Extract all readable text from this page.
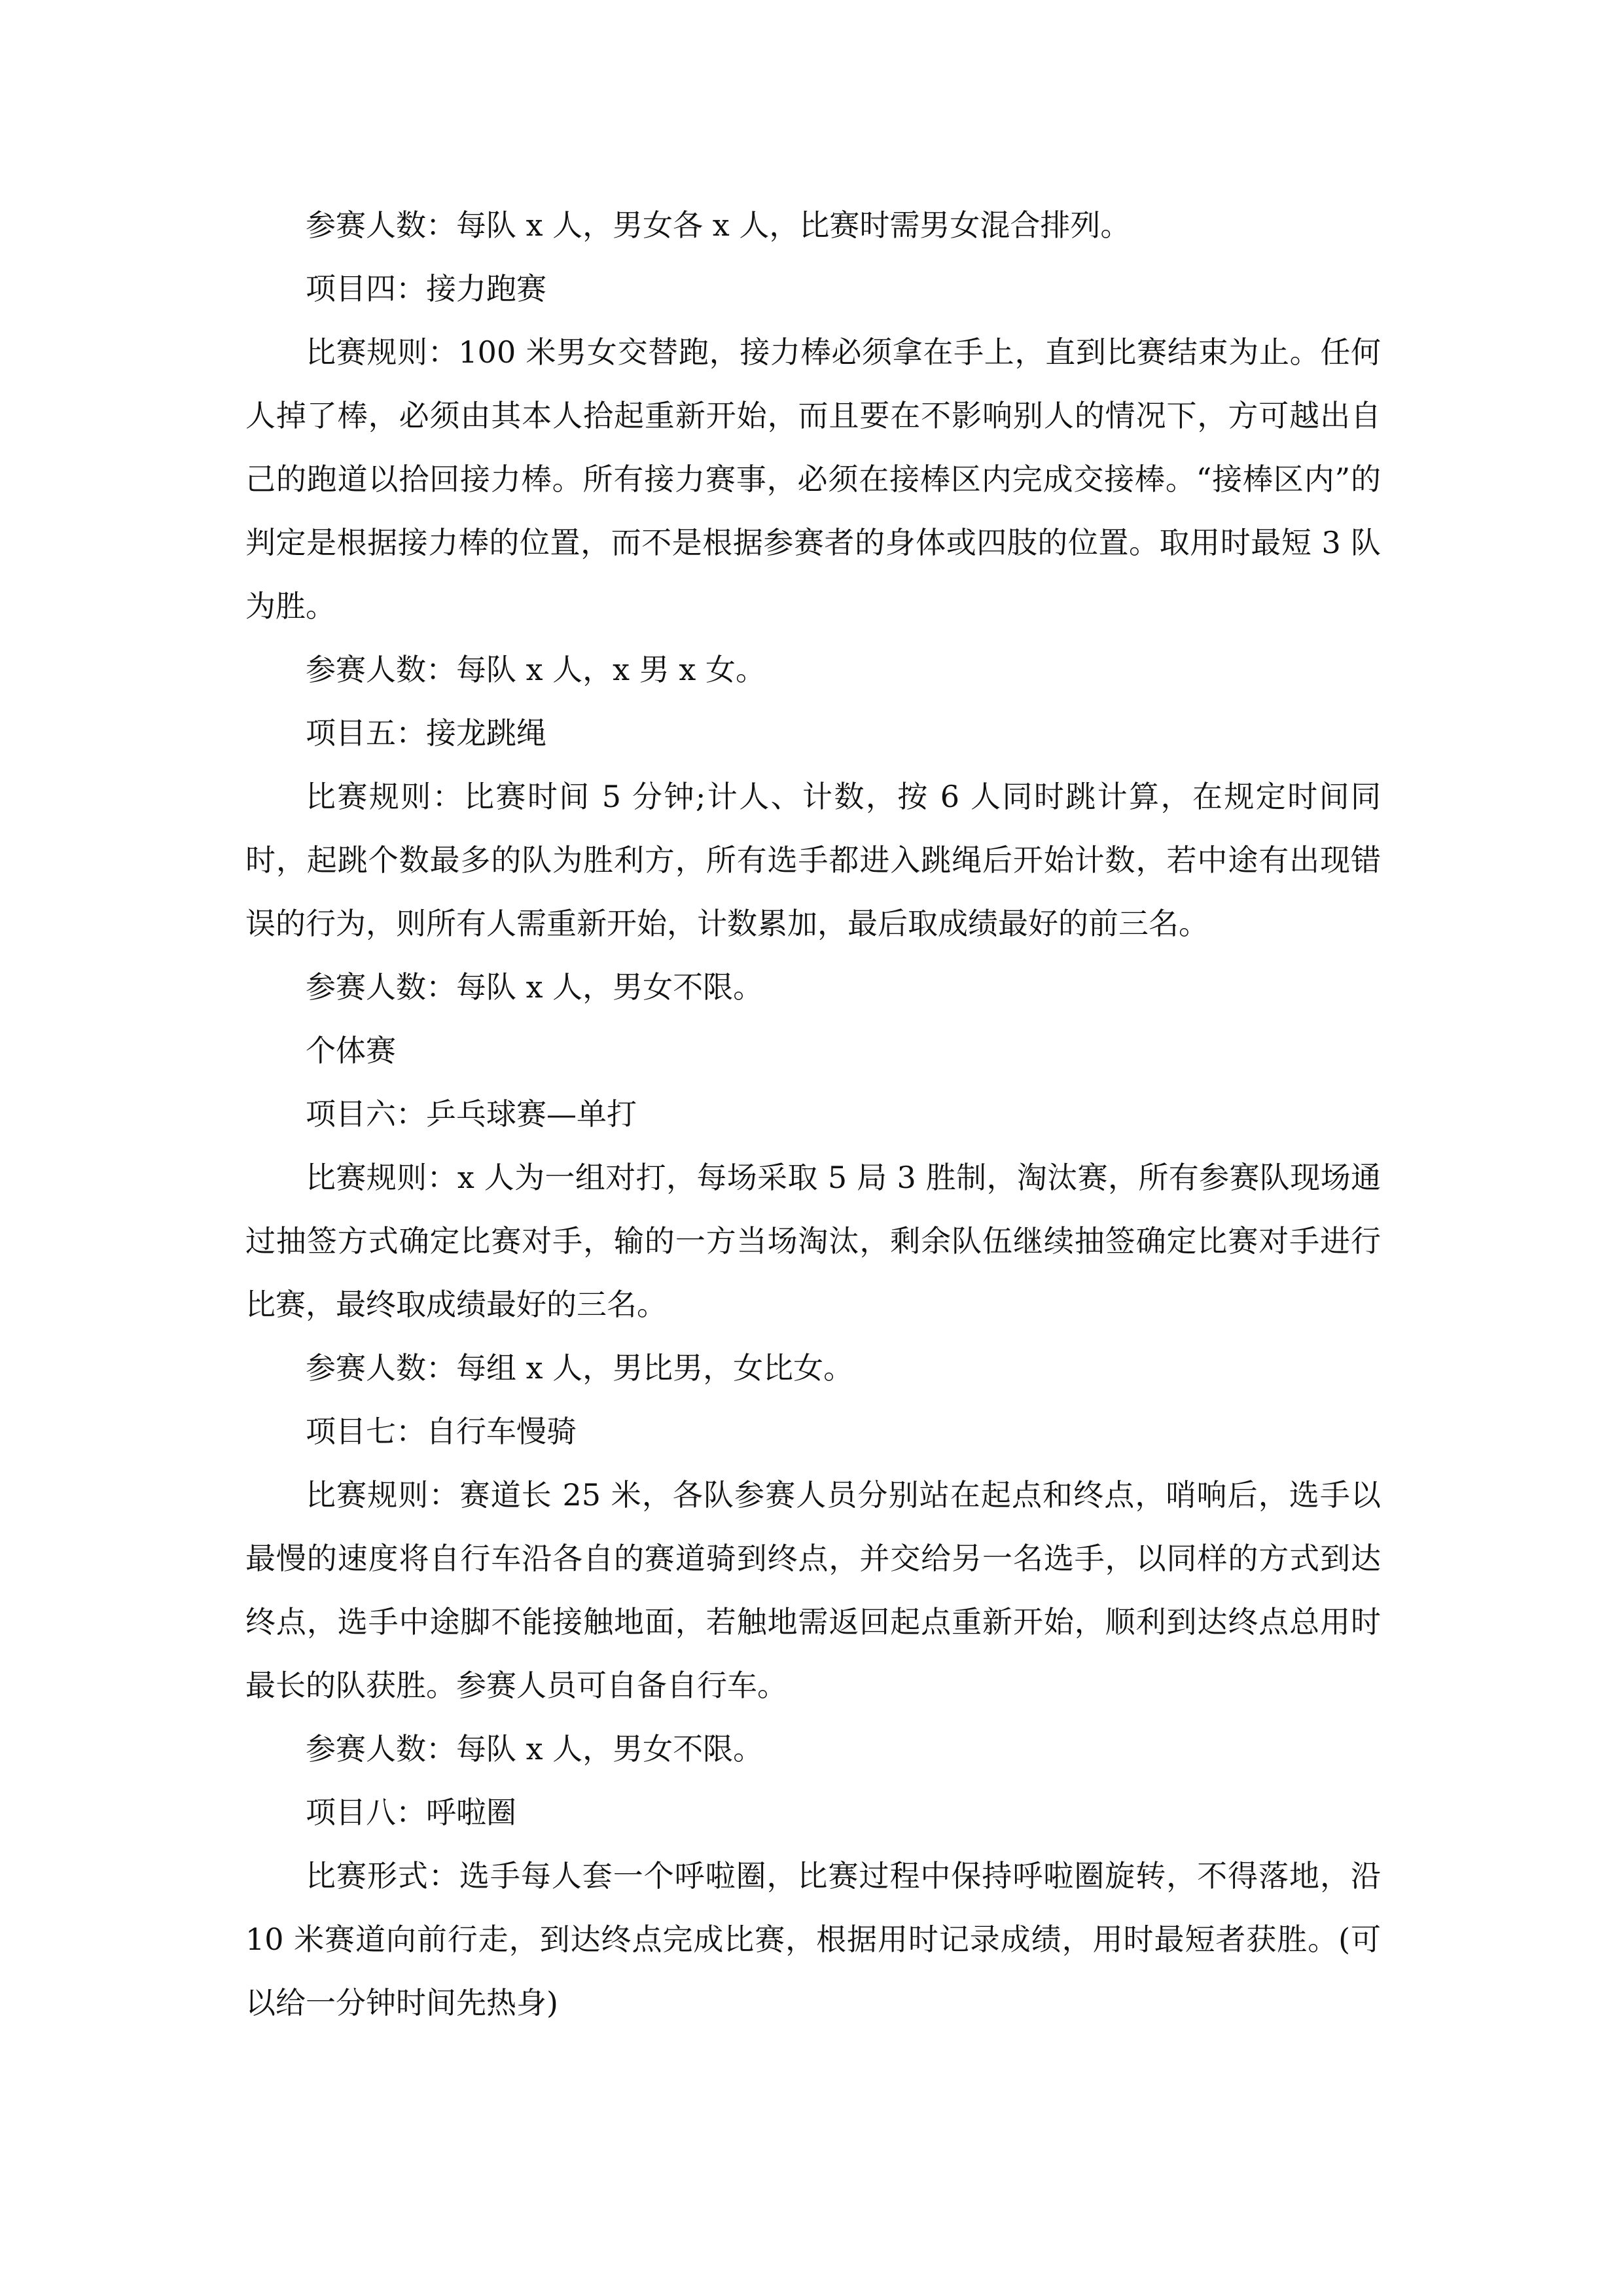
参赛人数：每队 x 人，男女各 x 人，比赛时需男女混合排列。

项目四：接力跑赛

比赛规则：100 米男女交替跑，接力棒必须拿在手上，直到比赛结束为止。任何人掉了棒，必须由其本人拾起重新开始，而且要在不影响别人的情况下，方可越出自己的跑道以拾回接力棒。所有接力赛事，必须在接棒区内完成交接棒。“接棒区内”的判定是根据接力棒的位置，而不是根据参赛者的身体或四肢的位置。取用时最短 3 队为胜。

参赛人数：每队 x 人，x 男 x 女。

项目五：接龙跳绳

比赛规则：比赛时间 5 分钟;计人、计数，按 6 人同时跳计算，在规定时间同时，起跳个数最多的队为胜利方，所有选手都进入跳绳后开始计数，若中途有出现错误的行为，则所有人需重新开始，计数累加，最后取成绩最好的前三名。

参赛人数：每队 x 人，男女不限。

个体赛

项目六：乒乓球赛—单打

比赛规则：x 人为一组对打，每场采取 5 局 3 胜制，淘汰赛，所有参赛队现场通过抽签方式确定比赛对手，输的一方当场淘汰，剩余队伍继续抽签确定比赛对手进行比赛，最终取成绩最好的三名。

参赛人数：每组 x 人，男比男，女比女。

项目七：自行车慢骑

比赛规则：赛道长 25 米，各队参赛人员分别站在起点和终点，哨响后，选手以最慢的速度将自行车沿各自的赛道骑到终点，并交给另一名选手，以同样的方式到达终点，选手中途脚不能接触地面，若触地需返回起点重新开始，顺利到达终点总用时最长的队获胜。参赛人员可自备自行车。

参赛人数：每队 x 人，男女不限。

项目八：呼啦圈

比赛形式：选手每人套一个呼啦圈，比赛过程中保持呼啦圈旋转，不得落地，沿 10 米赛道向前行走，到达终点完成比赛，根据用时记录成绩，用时最短者获胜。(可以给一分钟时间先热身)
